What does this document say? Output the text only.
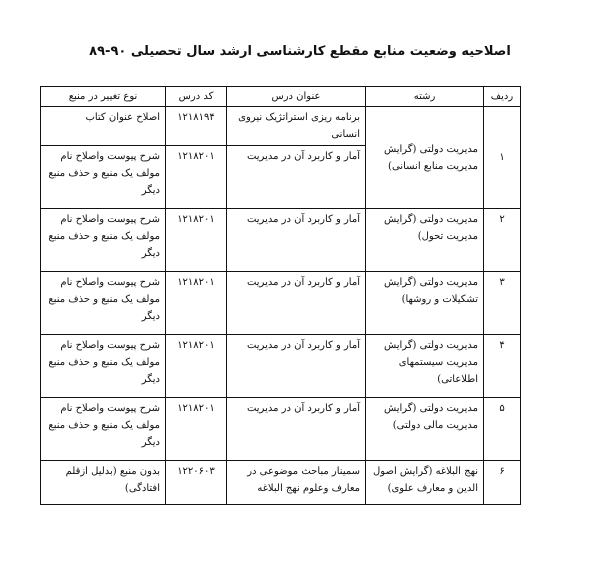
اصلاحیه وضعیت منابع مقطع کارشناسی ارشد سال تحصیلی ۹۰-۸۹
ردیف	رشته	عنوان درس	کد درس	نوع تغییر در منبع
۱	مدیریت دولتی (گرایش مدیریت منابع انسانی)	برنامه ریزی استراتژیک نیروی انسانی	۱۲۱۸۱۹۴	اصلاح عنوان کتاب
		آمار و کاربرد آن در مدیریت	۱۲۱۸۲۰۱	شرح پیوست واصلاح نام مولف یک منبع و حذف منبع دیگر
۲	مدیریت دولتی (گرایش مدیریت تحول)	آمار و کاربرد آن در مدیریت	۱۲۱۸۲۰۱	شرح پیوست واصلاح نام مولف یک منبع و حذف منبع دیگر
۳	مدیریت دولتی (گرایش تشکیلات و روشها)	آمار و کاربرد آن در مدیریت	۱۲۱۸۲۰۱	شرح پیوست واصلاح نام مولف یک منبع و حذف منبع دیگر
۴	مدیریت دولتی (گرایش مدیریت سیستمهای اطلاعاتی)	آمار و کاربرد آن در مدیریت	۱۲۱۸۲۰۱	شرح پیوست واصلاح نام مولف یک منبع و حذف منبع دیگر
۵	مدیریت دولتی (گرایش مدیریت مالی دولتی)	آمار و کاربرد آن در مدیریت	۱۲۱۸۲۰۱	شرح پیوست واصلاح نام مولف یک منبع و حذف منبع دیگر
۶	نهج البلاغه (گرایش اصول الدین و معارف علوی)	سمینار مباحث موضوعی در معارف وعلوم نهج البلاغه	۱۲۲۰۶۰۳	بدون منبع (بدلیل ازقلم افتادگی)
